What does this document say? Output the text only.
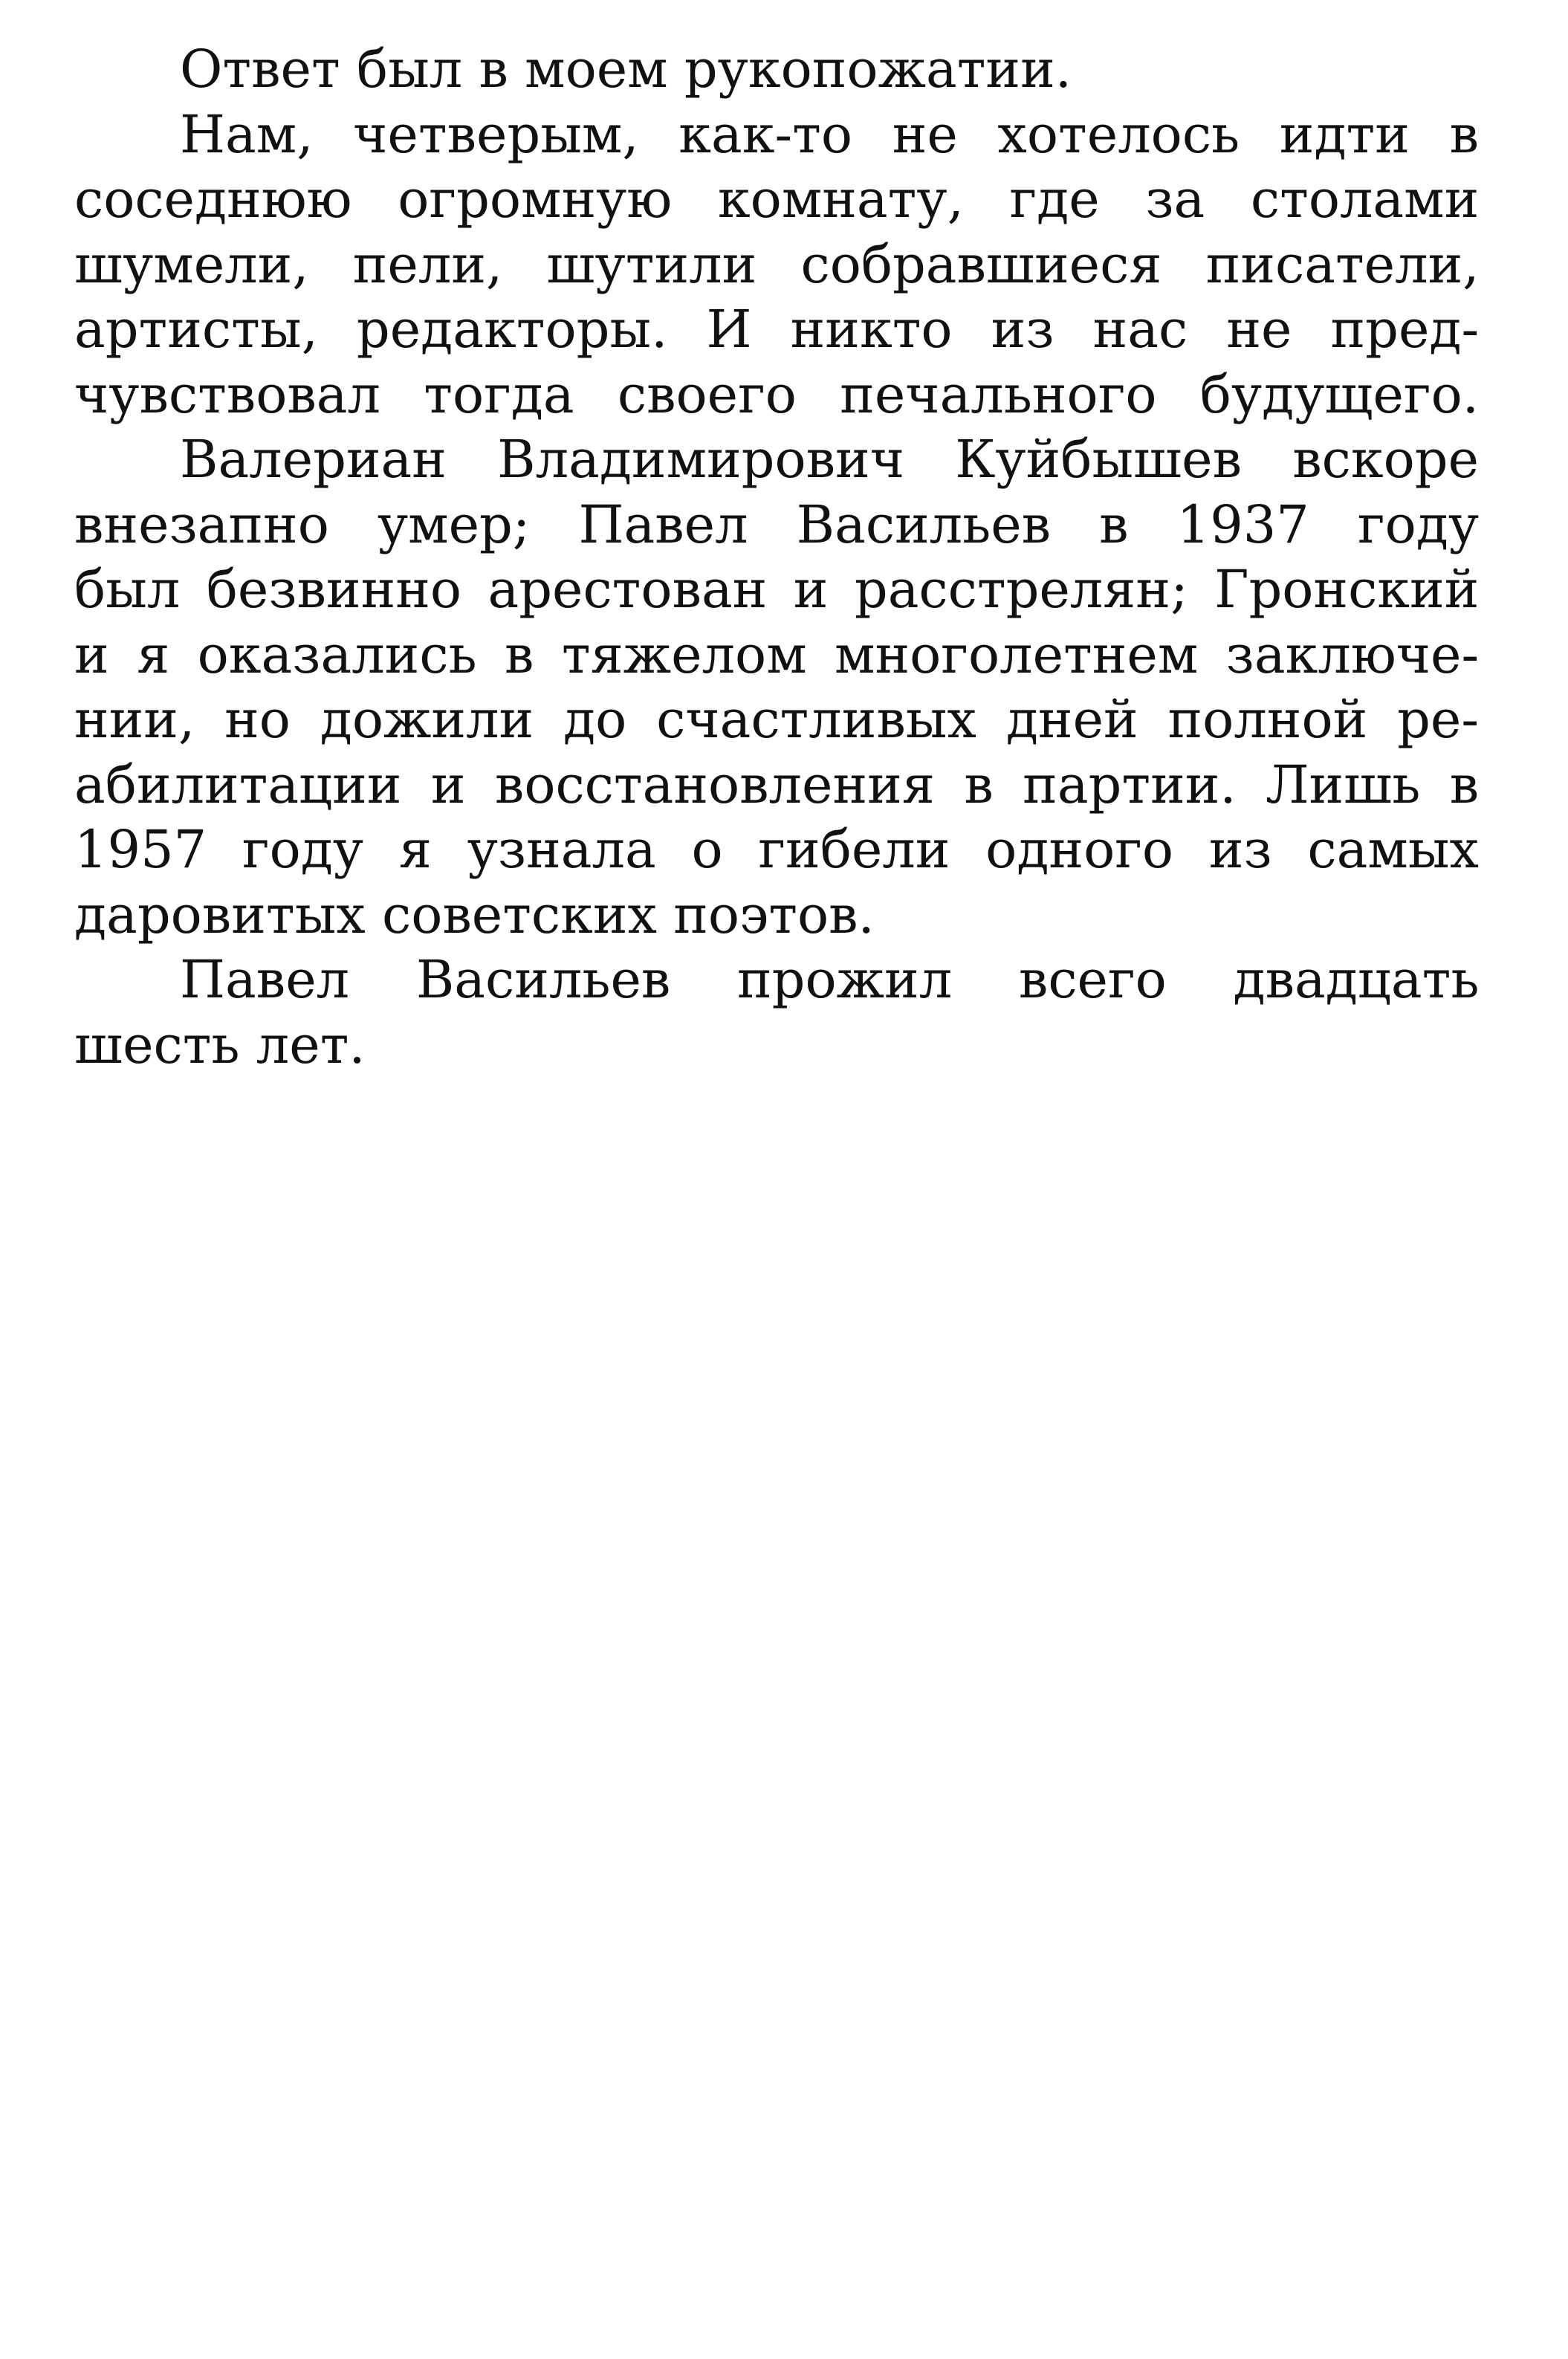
Ответ был в моем рукопожатии.
Нам, четверым, как-то не хотелось идти в
соседнюю огромную комнату, где за столами
шумели, пели, шутили собравшиеся писатели,
артисты, редакторы. И никто из нас не пред-
чувствовал тогда своего печального будущего.
Валериан Владимирович Куйбышев вскоре
внезапно умер; Павел Васильев в 1937 году
был безвинно арестован и расстрелян; Гронский
и я оказались в тяжелом многолетнем заключе-
нии, но дожили до счастливых дней полной ре-
абилитации и восстановления в партии. Лишь в
1957 году я узнала о гибели одного из самых
даровитых советских поэтов.
Павел Васильев прожил всего двадцать
шесть лет.
